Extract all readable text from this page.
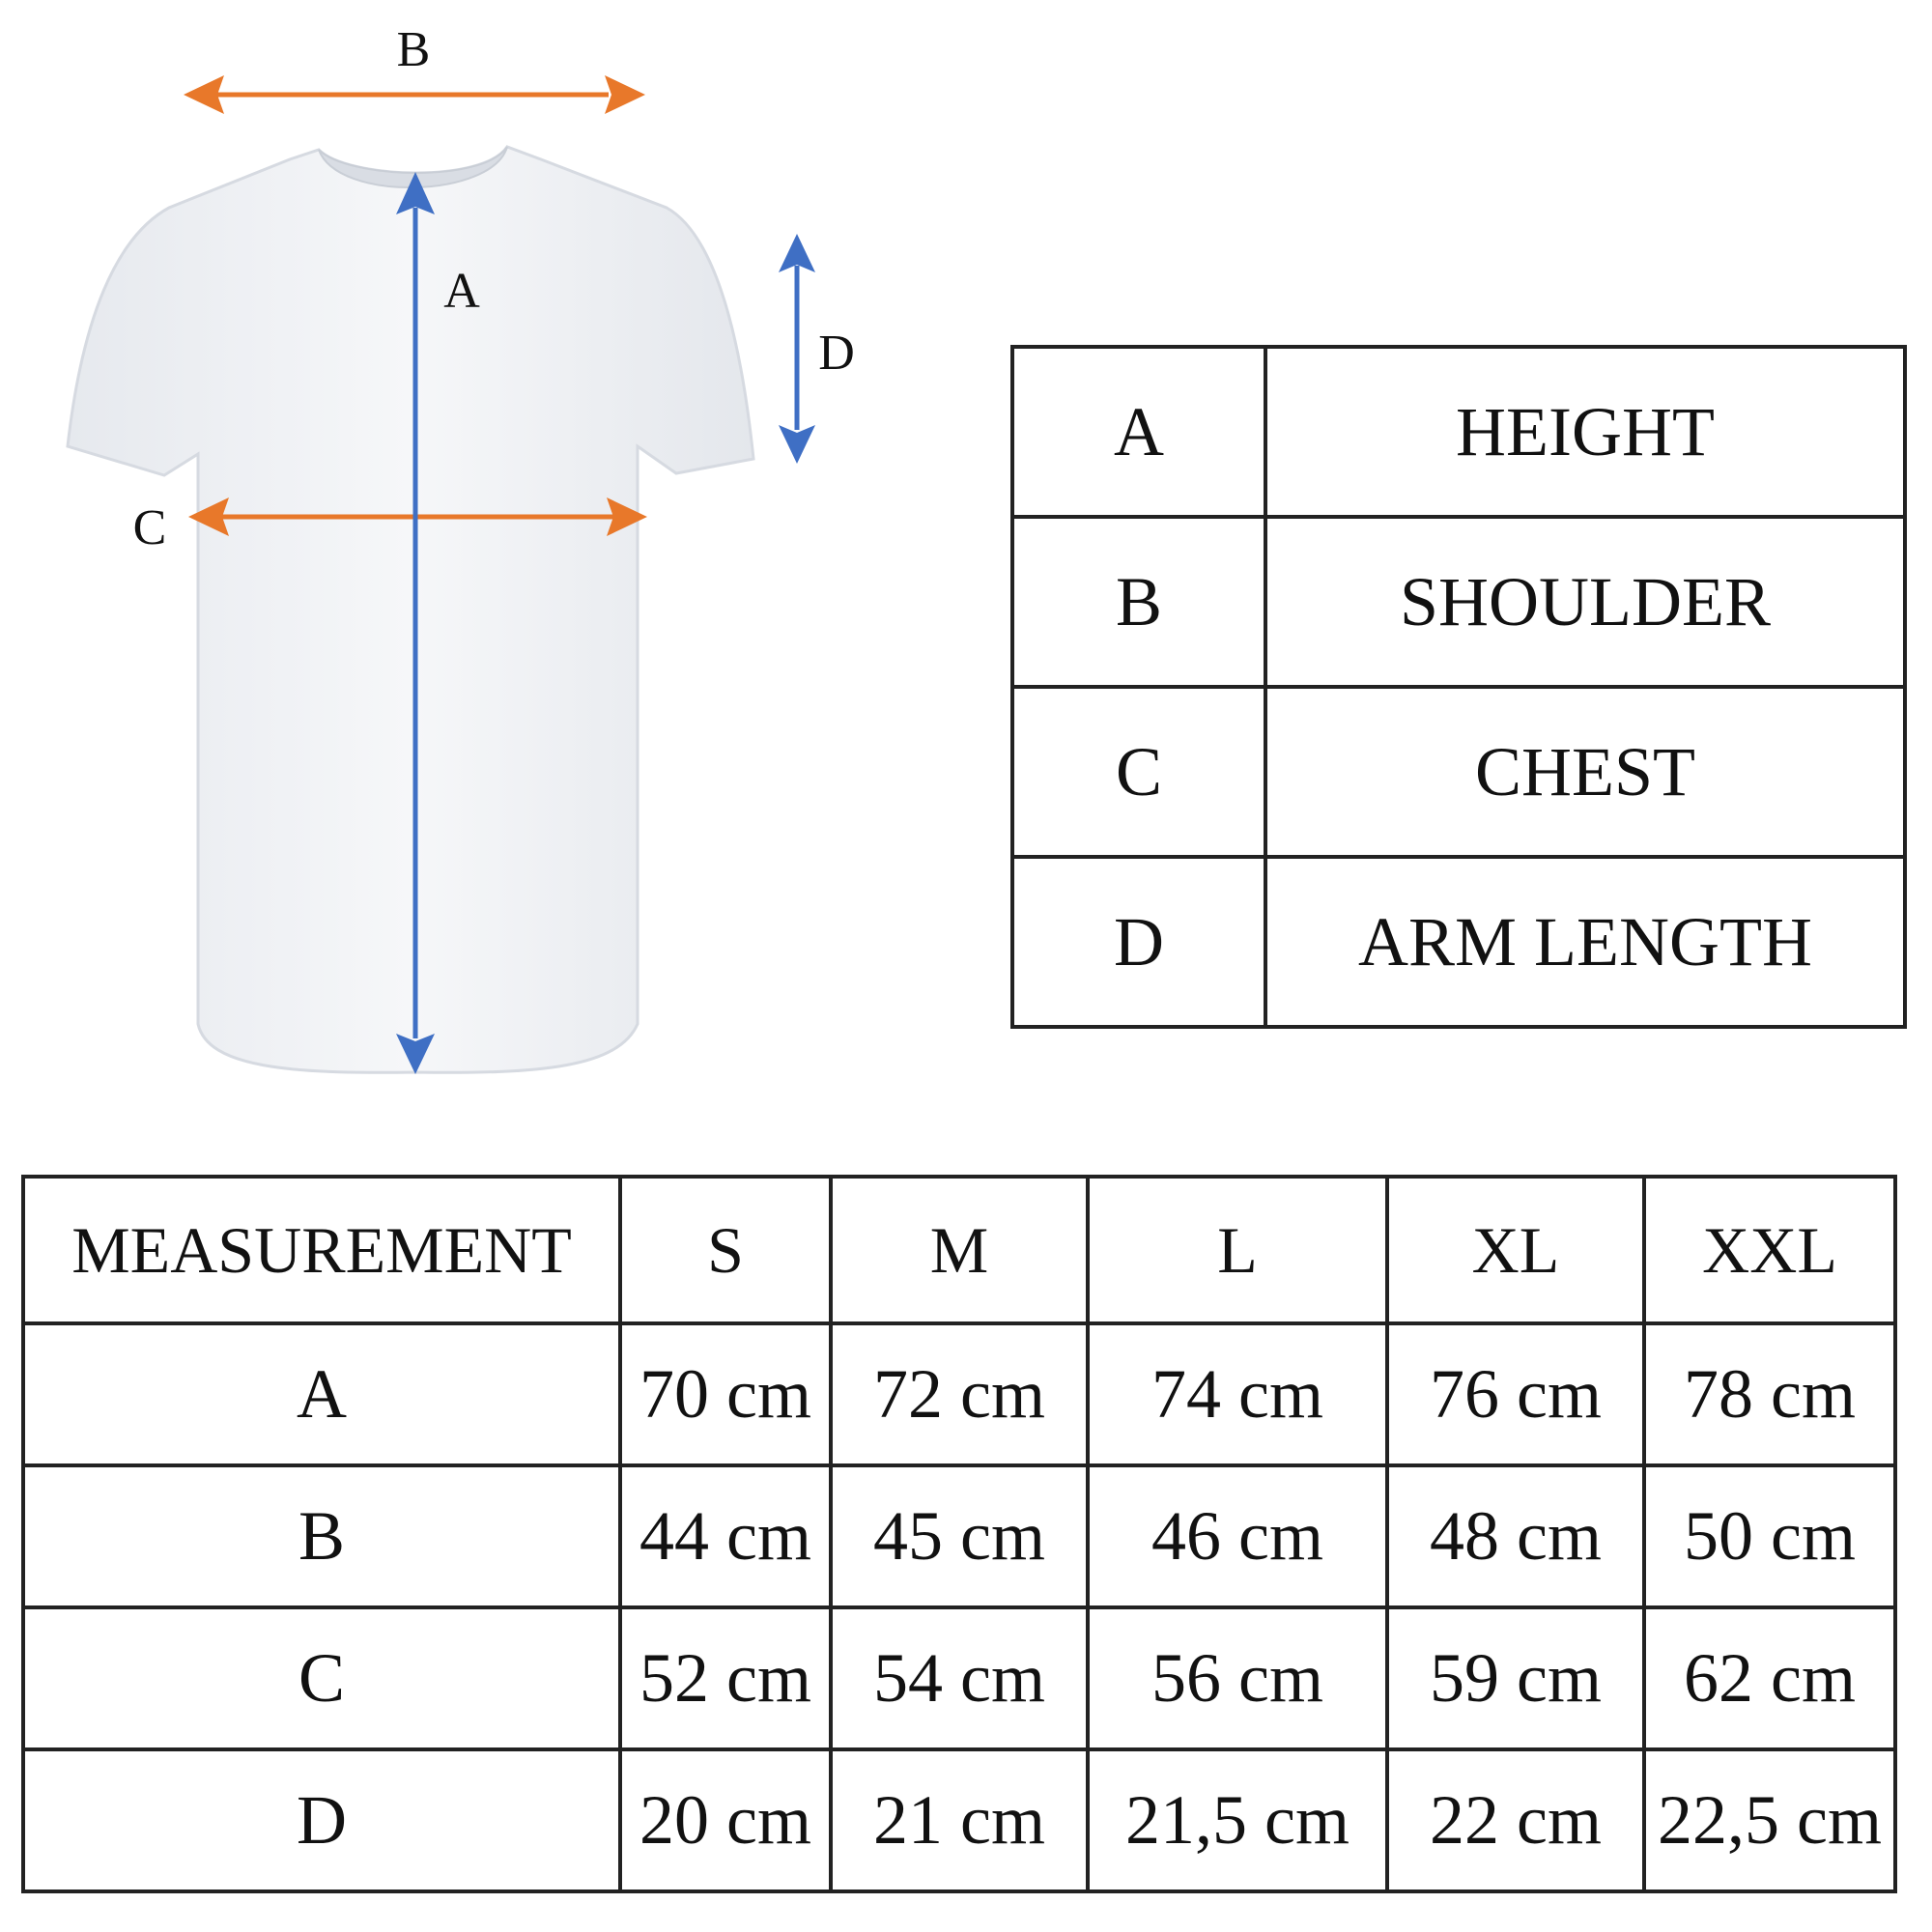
B
C
A
D
A	HEIGHT
B	SHOULDER
C	CHEST
D	ARM LENGTH
MEASUREMENT	S	M	L	XL	XXL
A	70 cm	72 cm	74 cm	76 cm	78 cm
B	44 cm	45 cm	46 cm	48 cm	50 cm
C	52 cm	54 cm	56 cm	59 cm	62 cm
D	20 cm	21 cm	21,5 cm	22 cm	22,5 cm
